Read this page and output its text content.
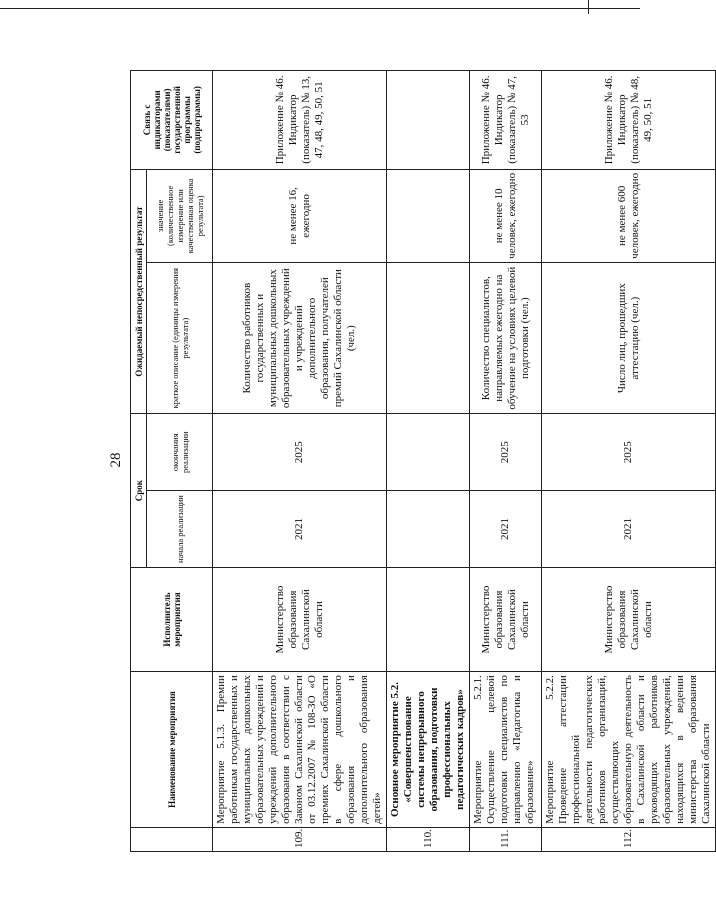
28
	Наименование мероприятия	Исполнитель мероприятия	Срок		Ожидаемый непосредственный результат		Связь с индикаторами (показателями) государственной программы (подпрограммы)
			начала реализации	окончания реализации	краткое описание (единицы измерения результата)	значение (количественное измерение или качественная оценка результата)	
109.	Мероприятие 5.1.3. Премии работникам государственных и муниципальных дошкольных образовательных учреждений и учреждений дополнительного образования в соответствии с Законом Сахалинской области от 03.12.2007 № 108-ЗО «О премиях Сахалинской области в сфере дошкольного образования и дополнительного образования детей»	Министерство образования Сахалинской области	2021	2025	Количество работников государственных и муниципальных дошкольных образовательных учреждений и учреждений дополнительного образования, получателей премий Сахалинской области (чел.)	не менее 16, ежегодно	Приложение № 46. Индикатор (показатель) № 13, 47, 48, 49, 50, 51
110.	Основное мероприятие 5.2. «Совершенствование системы непрерывного образования, подготовки профессиональных педагогических кадров»						
111.	Мероприятие 5.2.1. Осуществление целевой подготовки специалистов по направлению «Педагогика и образование»	Министерство образования Сахалинской области	2021	2025	Количество специалистов, направляемых ежегодно на обучение на условиях целевой подготовки (чел.)	не менее 10 человек, ежегодно	Приложение № 46. Индикатор (показатель) № 47, 53
112.	Мероприятие 5.2.2. Проведение аттестации профессиональной деятельности педагогических работников организаций, осуществляющих образовательную деятельность в Сахалинской области и руководящих работников образовательных учреждений, находящихся в ведении министерства образования Сахалинской области	Министерство образования Сахалинской области	2021	2025	Число лиц, прошедших аттестацию (чел.)	не менее 600 человек, ежегодно	Приложение № 46. Индикатор (показатель) № 48, 49, 50, 51
